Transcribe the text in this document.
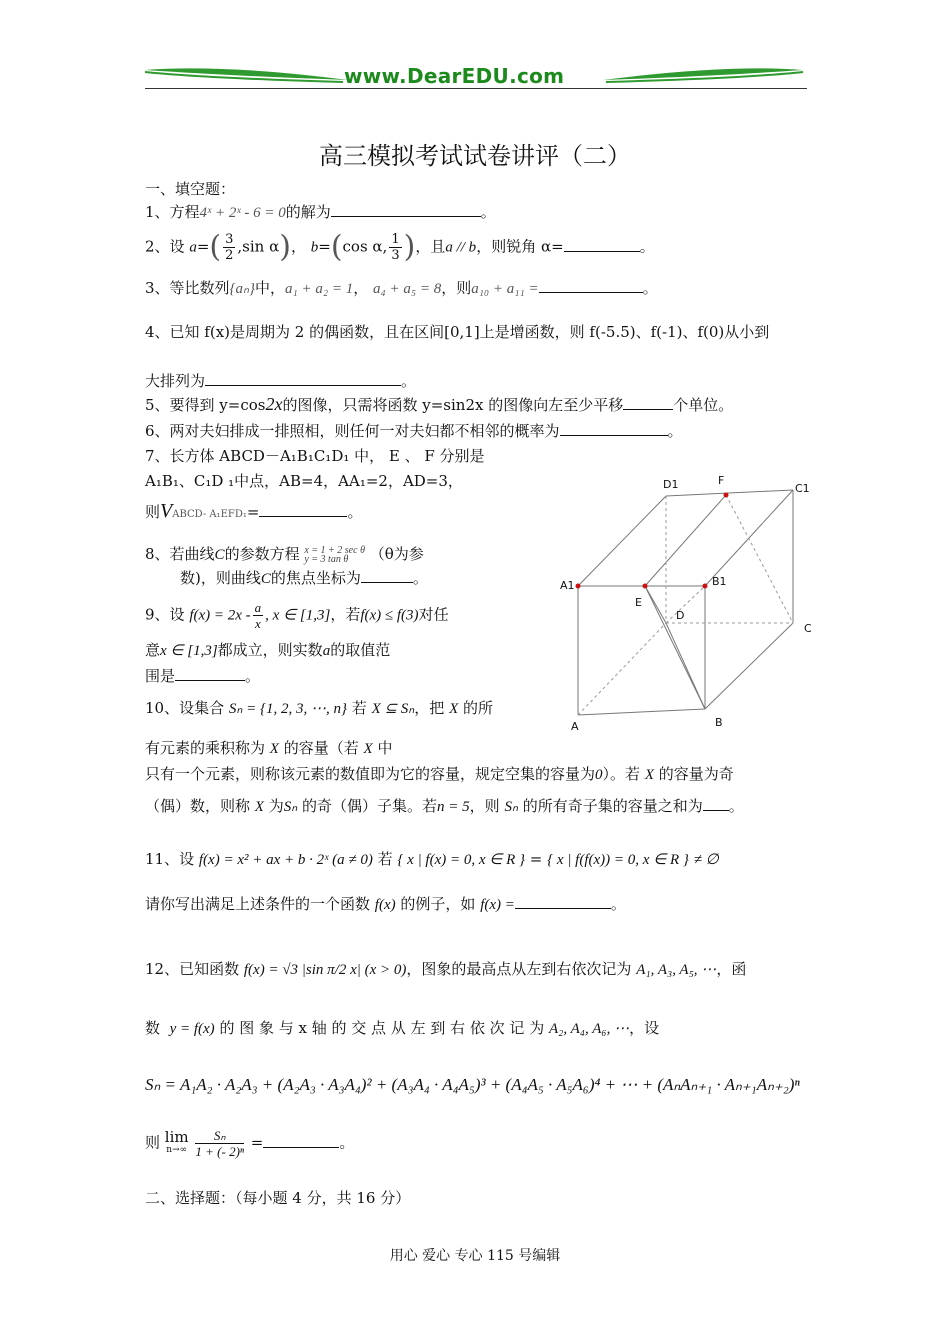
www.DearEDU.com
高三模拟考试试卷讲评（二）
一、填空题：
1、方程4ˣ + 2ˣ - 6 = 0的解为	。
2、设 $a=( \frac{3}{2} ,\sin$ α)， b=(cos α, $\frac{1}{3}$ )，且a // b，则锐角 α=	。
3、等比数列{aₙ}中，a₁ + a₂ = 1， a₄ + a₅ = 8，则a₁₀ + a₁₁ =	。
4、已知 f(x)是周期为 2 的偶函数，且在区间[0,1]上是增函数，则 f(-5.5)、f(-1)、f(0)从小到
大排列为	。
5、要得到 y=cos2x的图像，只需将函数 y=sin2x 的图像向左至少平移	个单位。
6、两对夫妇排成一排照相，则任何一对夫妇都不相邻的概率为	。
7、长方体 ABCD－A₁B₁C₁D₁ 中， E 、 F 分别是
A₁B₁、C₁D ₁中点，AB=4，AA₁=2，AD=3，
则VABCD- A₁EFD₁=	。
8、若曲线C的参数方程 x = 1 + 2 sec θ
y = 3 tan θ	（θ为参
数)，则曲线C的焦点坐标为	。
9、设 $f(x) = 2x - \frac{a}{x}$ , x ∈ [1,3]，若f(x) ≤ f(3)对任
意x ∈ [1,3]都成立，则实数a的取值范
围是	。
10、设集合 Sₙ = {1, 2, 3, ⋯, n} 若 X ⊆ Sₙ，把 X 的所
有元素的乘积称为 X 的容量（若 X 中
只有一个元素，则称该元素的数值即为它的容量，规定空集的容量为0）。若 X 的容量为奇
（偶）数，则称 X 为Sₙ 的奇（偶）子集。若n = 5，则 Sₙ 的所有奇子集的容量之和为 。
11、设 f(x) = x² + ax + b · 2ˣ (a ≠ 0) 若 { x | f(x) = 0, x ∈ R } = { x | f(f(x)) = 0, x ∈ R } ≠ ∅
请你写出满足上述条件的一个函数 f(x) 的例子，如 f(x) =	。
12、已知函数 f(x) = √3 |sin π/2 x| (x > 0)，图象的最高点从左到右依次记为 A₁, A₃, A₅, ⋯，函
数 y = f(x) 的 图 象 与 x 轴 的 交 点 从 左 到 右 依 次 记 为 A₂, A₄, A₆, ⋯，设
Sₙ = A₁A₂ · A₂A₃ + (A₂A₃ · A₃A₄)² + (A₃A₄ · A₄A₅)³ + (A₄A₅ · A₅A₆)⁴ + ⋯ + (AₙAₙ₊₁ · Aₙ₊₁Aₙ₊₂)ⁿ
则 lim
n→∞
$\frac{\text{Sₙ}}{\text{1 + (- 2)ⁿ}}$ =	。
二、选择题：（每小题 4 分，共 16 分）
D1	F
C1
A1
E
B1
D
C
A	B
用心 爱心 专心 115 号编辑
